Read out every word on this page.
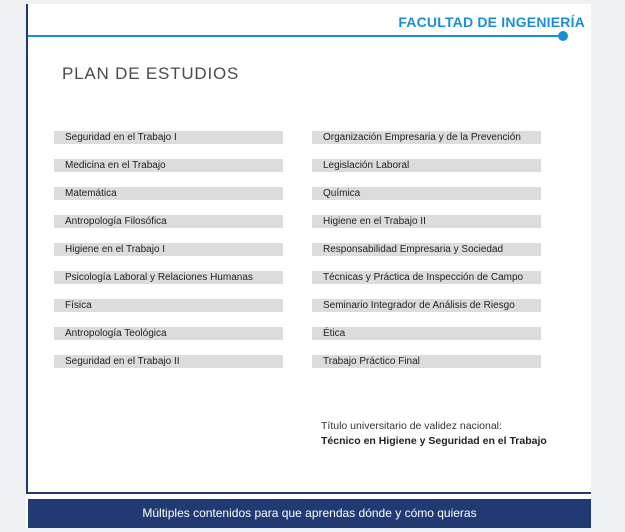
FACULTAD DE INGENIERÍA
PLAN DE ESTUDIOS
Seguridad en el Trabajo I
Medicina en el Trabajo
Matemática
Antropología Filosófica
Higiene en el Trabajo I
Psicología Laboral y Relaciones Humanas
Física
Antropología Teológica
Seguridad en el Trabajo II
Organización Empresaria y de la Prevención
Legislación Laboral
Química
Higiene en el Trabajo II
Responsabilidad Empresaria y Sociedad
Técnicas y Práctica de Inspección de Campo
Seminario Integrador de Análisis de Riesgo
Ética
Trabajo Práctico Final
Título universitario de validez nacional:
Técnico en Higiene y Seguridad en el Trabajo
Múltiples contenidos para que aprendas dónde y cómo quieras
